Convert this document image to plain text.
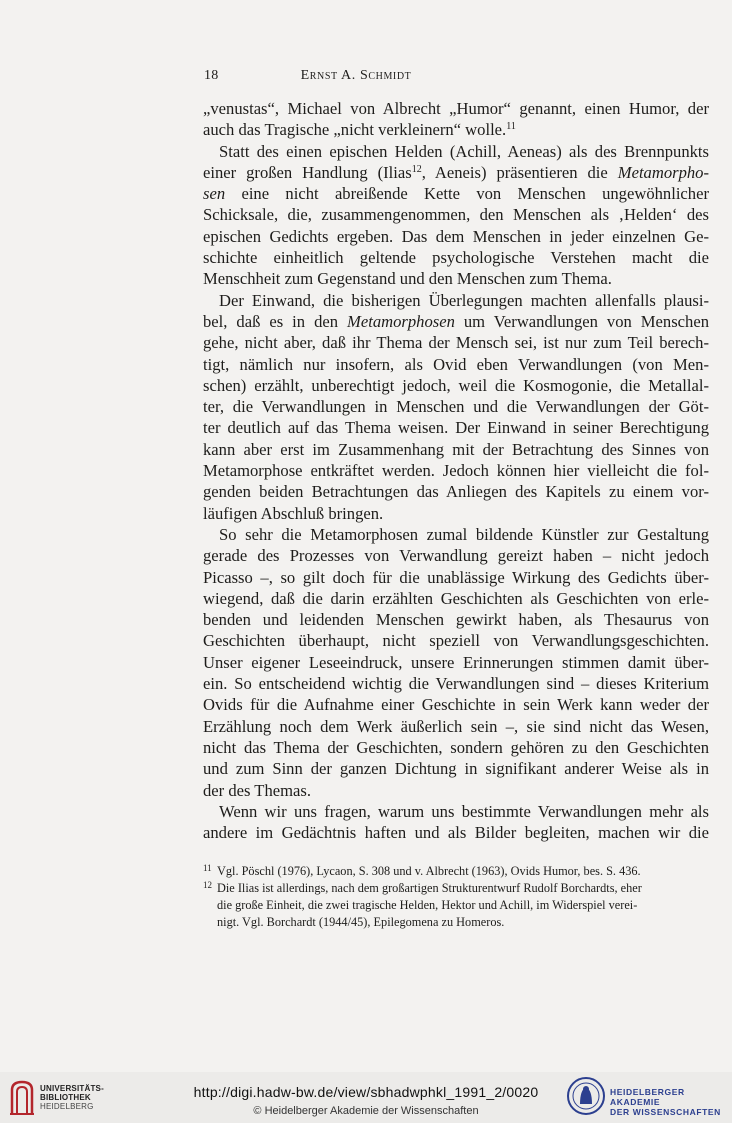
18	Ernst A. Schmidt

„venustas“, Michael von Albrecht „Humor“ genannt, einen Humor, der
auch das Tragische „nicht verkleinern“ wolle.$^{11}$

Statt des einen epischen Helden (Achill, Aeneas) als des Brennpunkts
einer großen Handlung (Ilias$^{12}$, Aeneis) präsentieren die Metamorpho-
sen eine nicht abreißende Kette von Menschen ungewöhnlicher
Schicksale, die, zusammengenommen, den Menschen als ‚Helden‘ des
epischen Gedichts ergeben. Das dem Menschen in jeder einzelnen Ge-
schichte einheitlich geltende psychologische Verstehen macht die
Menschheit zum Gegenstand und den Menschen zum Thema.

Der Einwand, die bisherigen Überlegungen machten allenfalls plausi-
bel, daß es in den Metamorphosen um Verwandlungen von Menschen
gehe, nicht aber, daß ihr Thema der Mensch sei, ist nur zum Teil berech-
tigt, nämlich nur insofern, als Ovid eben Verwandlungen (von Men-
schen) erzählt, unberechtigt jedoch, weil die Kosmogonie, die Metallal-
ter, die Verwandlungen in Menschen und die Verwandlungen der Göt-
ter deutlich auf das Thema weisen. Der Einwand in seiner Berechtigung
kann aber erst im Zusammenhang mit der Betrachtung des Sinnes von
Metamorphose entkräftet werden. Jedoch können hier vielleicht die fol-
genden beiden Betrachtungen das Anliegen des Kapitels zu einem vor-
läufigen Abschluß bringen.

So sehr die Metamorphosen zumal bildende Künstler zur Gestaltung
gerade des Prozesses von Verwandlung gereizt haben – nicht jedoch
Picasso –, so gilt doch für die unablässige Wirkung des Gedichts über-
wiegend, daß die darin erzählten Geschichten als Geschichten von erle-
benden und leidenden Menschen gewirkt haben, als Thesaurus von
Geschichten überhaupt, nicht speziell von Verwandlungsgeschichten.
Unser eigener Leseeindruck, unsere Erinnerungen stimmen damit über-
ein. So entscheidend wichtig die Verwandlungen sind – dieses Kriterium
Ovids für die Aufnahme einer Geschichte in sein Werk kann weder der
Erzählung noch dem Werk äußerlich sein –, sie sind nicht das Wesen,
nicht das Thema der Geschichten, sondern gehören zu den Geschichten
und zum Sinn der ganzen Dichtung in signifikant anderer Weise als in
der des Themas.

Wenn wir uns fragen, warum uns bestimmte Verwandlungen mehr als
andere im Gedächtnis haften und als Bilder begleiten, machen wir die

11 Vgl. Pöschl (1976), Lycaon, S. 308 und v. Albrecht (1963), Ovids Humor, bes. S. 436.
12 Die Ilias ist allerdings, nach dem großartigen Strukturentwurf Rudolf Borchardts, eher
die große Einheit, die zwei tragische Helden, Hektor und Achill, im Widerspiel verei-
nigt. Vgl. Borchardt (1944/45), Epilegomena zu Homeros.
UNIVERSITÄTS-
BIBLIOTHEK
HEIDELBERG
http://digi.hadw-bw.de/view/sbhadwphkl_1991_2/0020
© Heidelberger Akademie der Wissenschaften
HEIDELBERGER AKADEMIE
DER WISSENSCHAFTEN
